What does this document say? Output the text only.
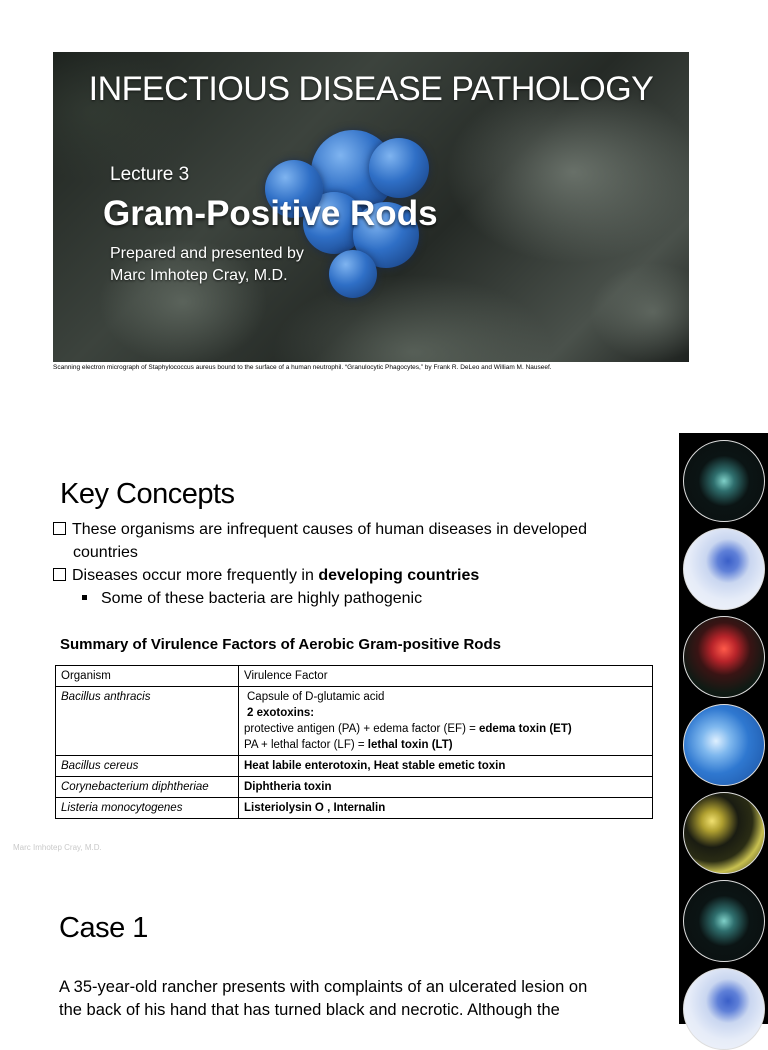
INFECTIOUS DISEASE PATHOLOGY
Lecture 3
Gram-Positive Rods
Prepared and presented by
Marc Imhotep Cray, M.D.
Scanning electron micrograph of Staphylococcus aureus bound to the surface of a human neutrophil. “Granulocytic Phagocytes,” by Frank R. DeLeo and William M. Nauseef.
Key Concepts
These organisms are infrequent causes of human diseases in developed
countries
Diseases occur more frequently in developing countries
Some of these bacteria are highly pathogenic
Summary of Virulence Factors of Aerobic Gram-positive Rods
Organism	Virulence Factor
Bacillus anthracis	Capsule of D-glutamic acid
2 exotoxins:
protective antigen (PA) + edema factor (EF) = edema toxin (ET)
PA + lethal factor (LF) = lethal toxin (LT)

Bacillus cereus	Heat labile enterotoxin, Heat stable emetic toxin
Corynebacterium diphtheriae	Diphtheria toxin
Listeria monocytogenes	Listeriolysin O , Internalin
Marc Imhotep Cray, M.D.
Case 1
A 35-year-old rancher presents with complaints of an ulcerated lesion on
the back of his hand that has turned black and necrotic. Although the
